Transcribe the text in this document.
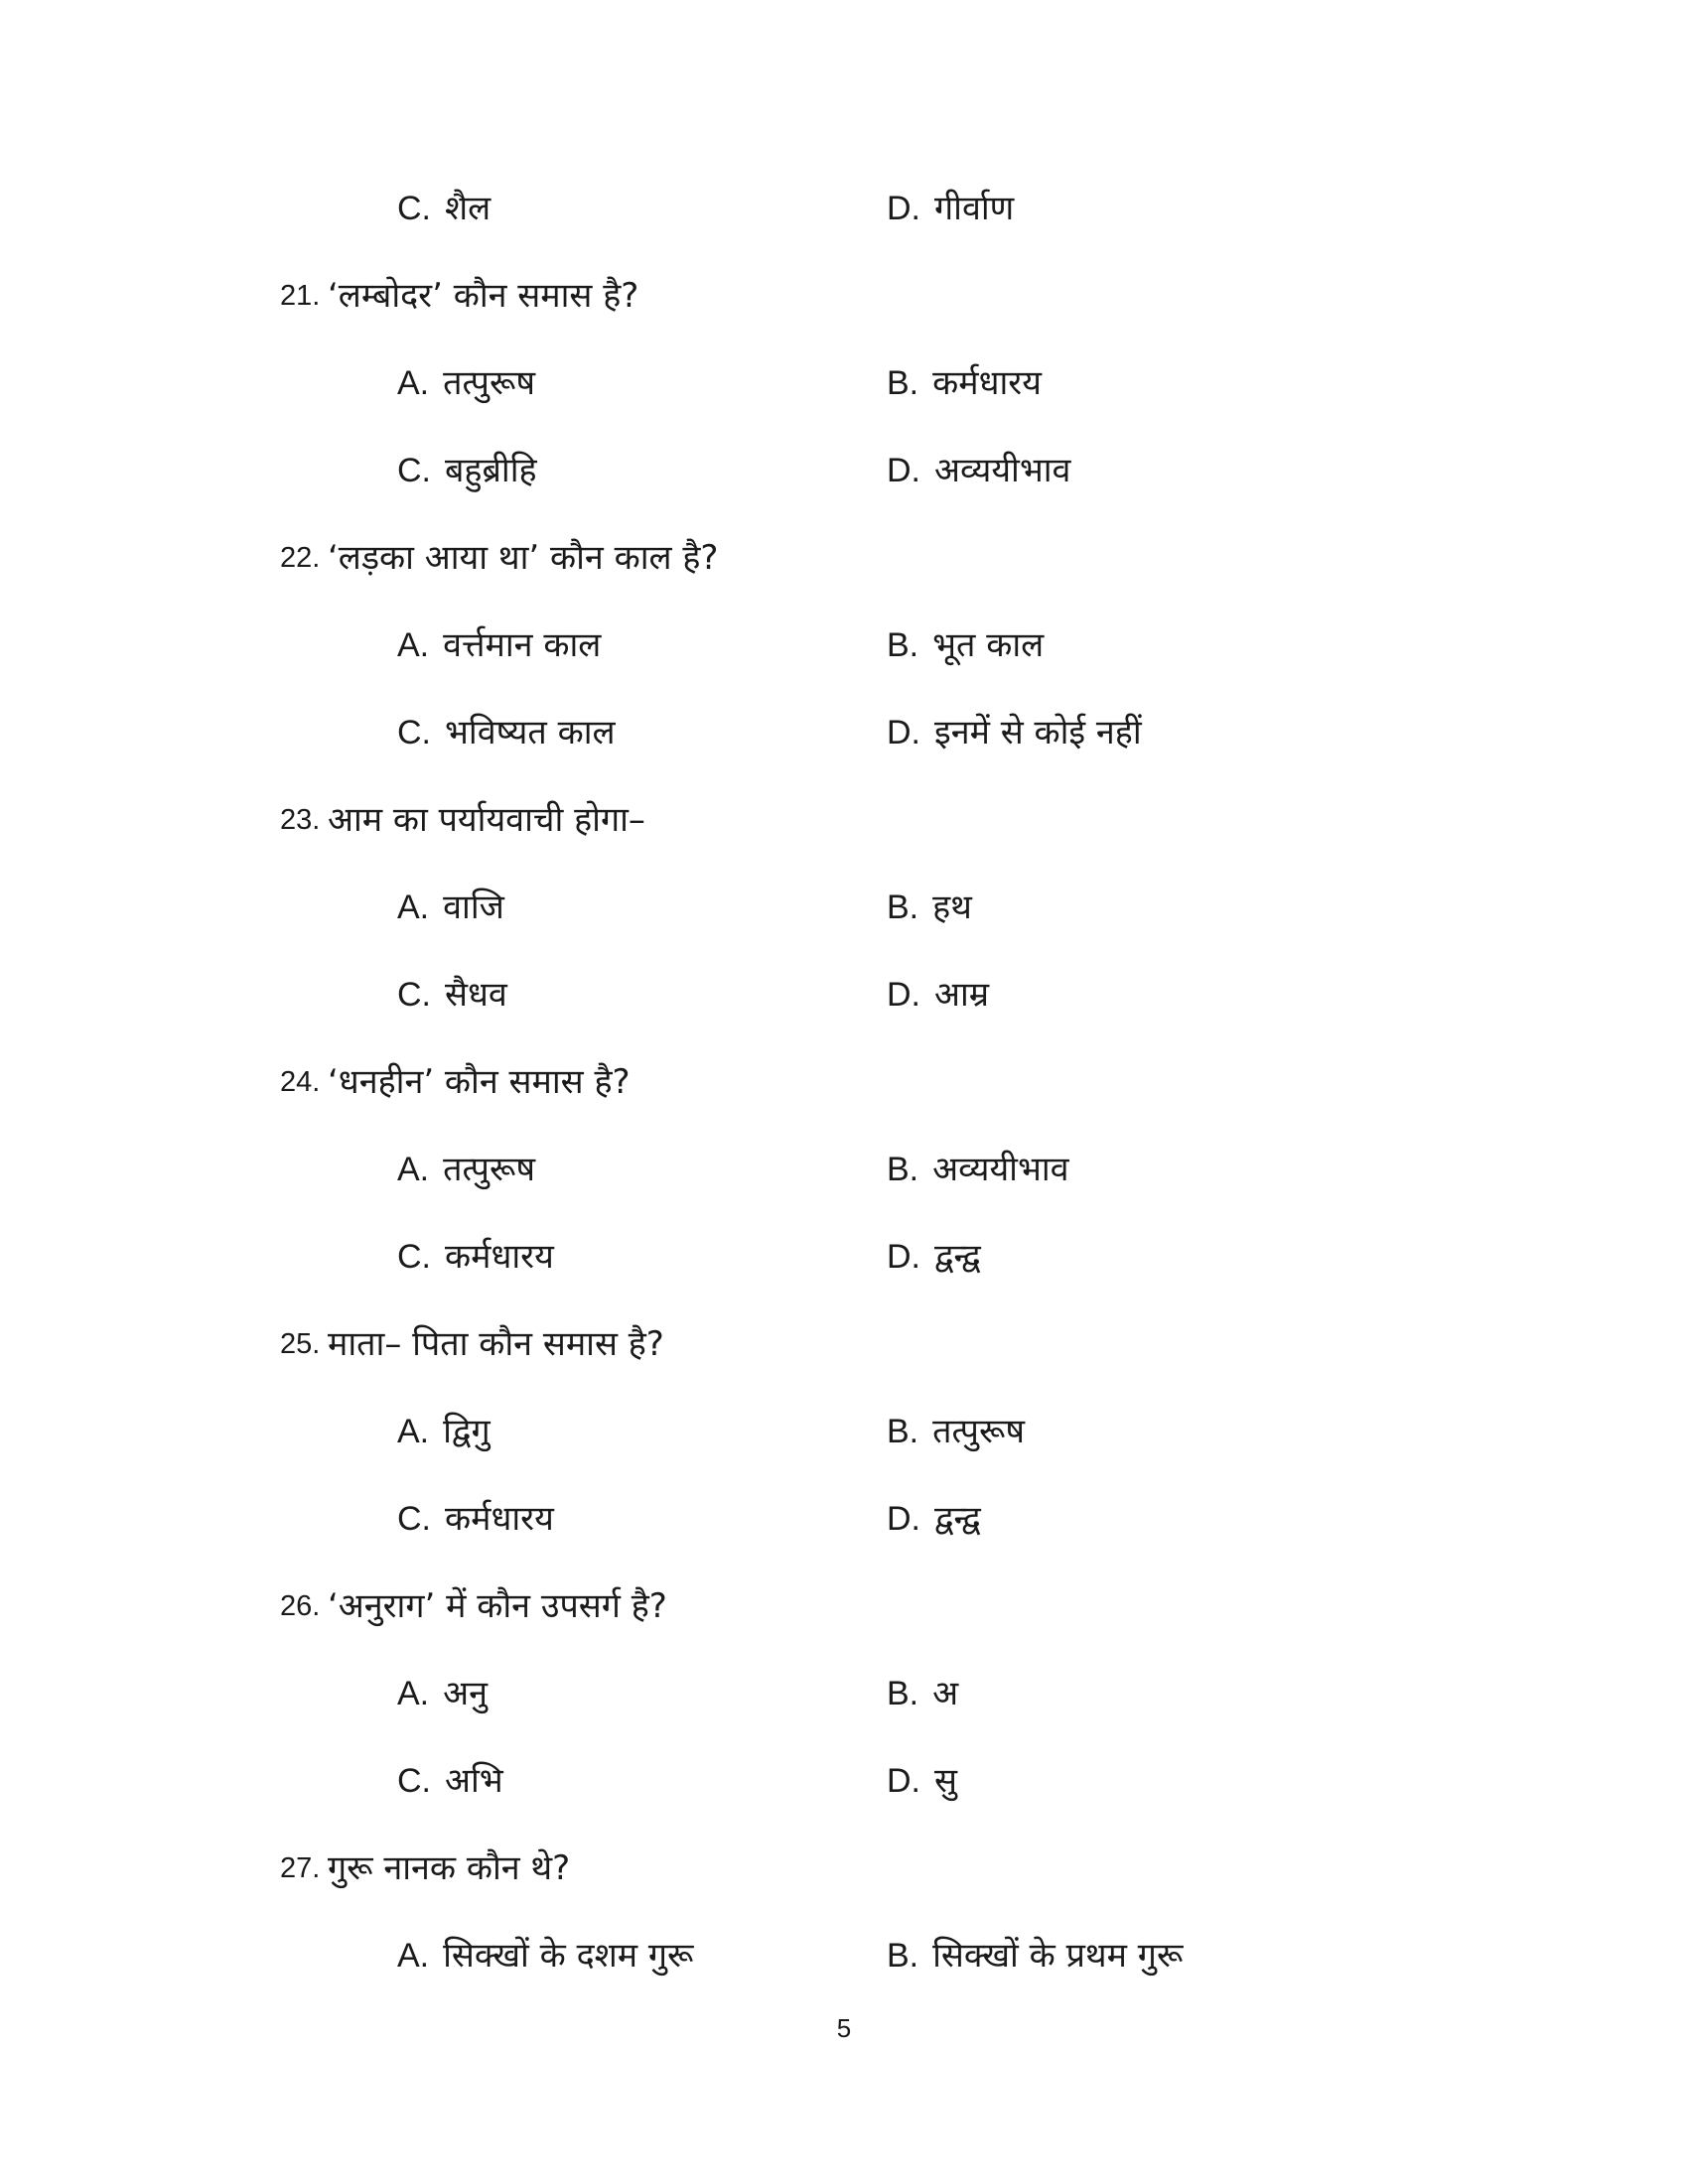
C. शैल	D. गीर्वाण
21. ‘लम्बोदर’ कौन समास है?
A. तत्पुरूष	B. कर्मधारय
C. बहुब्रीहि	D. अव्ययीभाव
22. ‘लड़का आया था’ कौन काल है?
A. वर्त्तमान काल	B. भूत काल
C. भविष्यत काल	D. इनमें से कोई नहीं
23. आम का पर्यायवाची होगा–
A. वाजि	B. हथ
C. सैधव	D. आम्र
24. ‘धनहीन’ कौन समास है?
A. तत्पुरूष	B. अव्ययीभाव
C. कर्मधारय	D. द्वन्द्व
25. माता– पिता कौन समास है?
A. द्विगु	B. तत्पुरूष
C. कर्मधारय	D. द्वन्द्व
26. ‘अनुराग’ में कौन उपसर्ग है?
A. अनु	B. अ
C. अभि	D. सु
27. गुरू नानक कौन थे?
A. सिक्खों के दशम गुरू	B. सिक्खों के प्रथम गुरू
5
